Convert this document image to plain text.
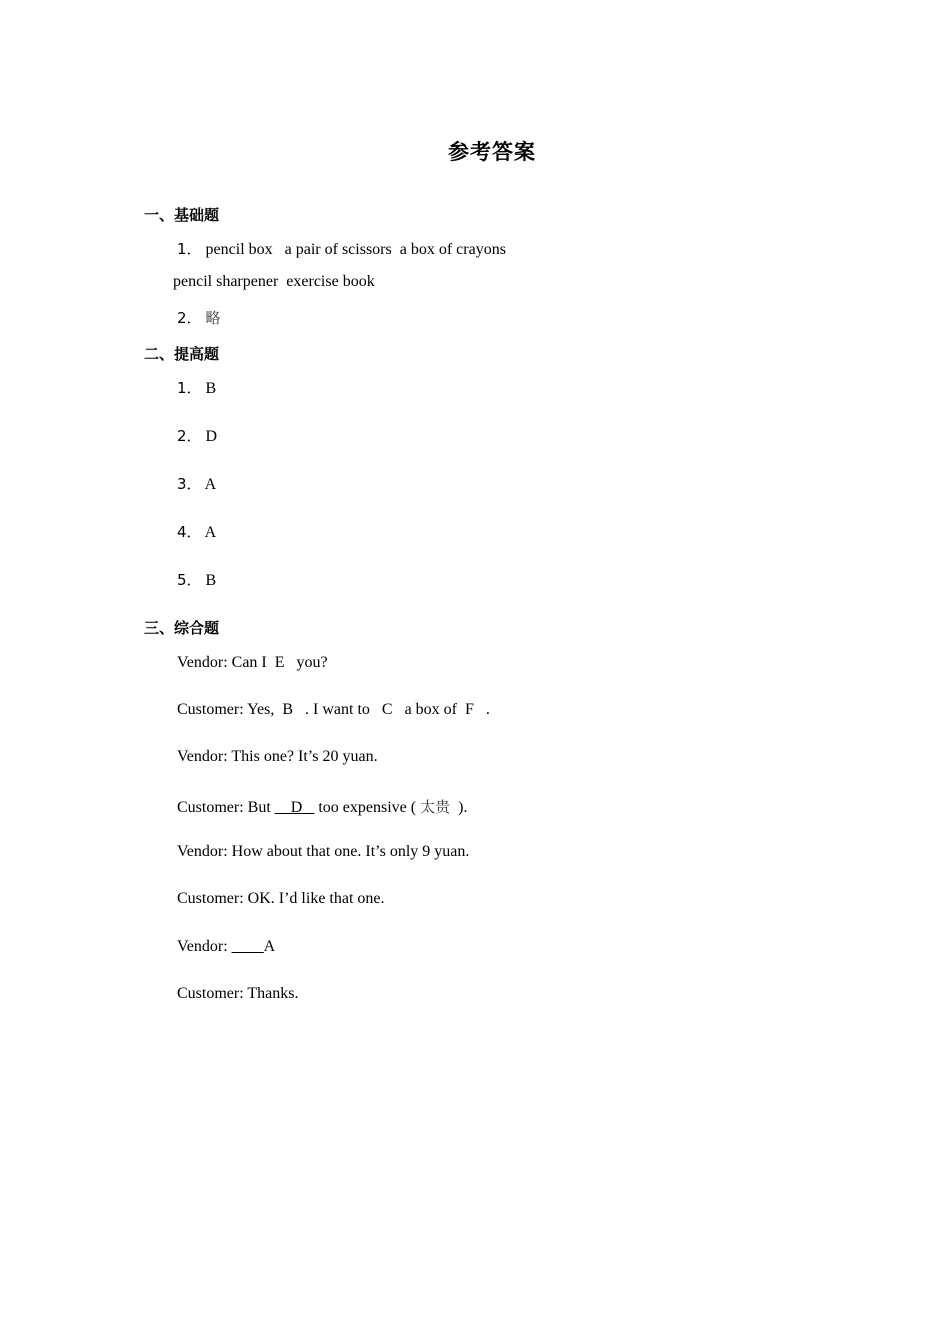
参考答案
一、基础题
1． pencil box   a pair of scissors  a box of crayons
pencil sharpener  exercise book
2． 略
二、提高题
1． B
2． D
3． A
4． A
5． B
三、综合题
Vendor: Can I  E   you?
Customer: Yes,  B   . I want to   C   a box of  F   .
Vendor: This one? It’s 20 yuan.
Customer: But __D _ too expensive ( 太贵  ).
Vendor: How about that one. It’s only 9 yuan.
Customer: OK. I’d like that one.
Vendor: ____A
Customer: Thanks.
